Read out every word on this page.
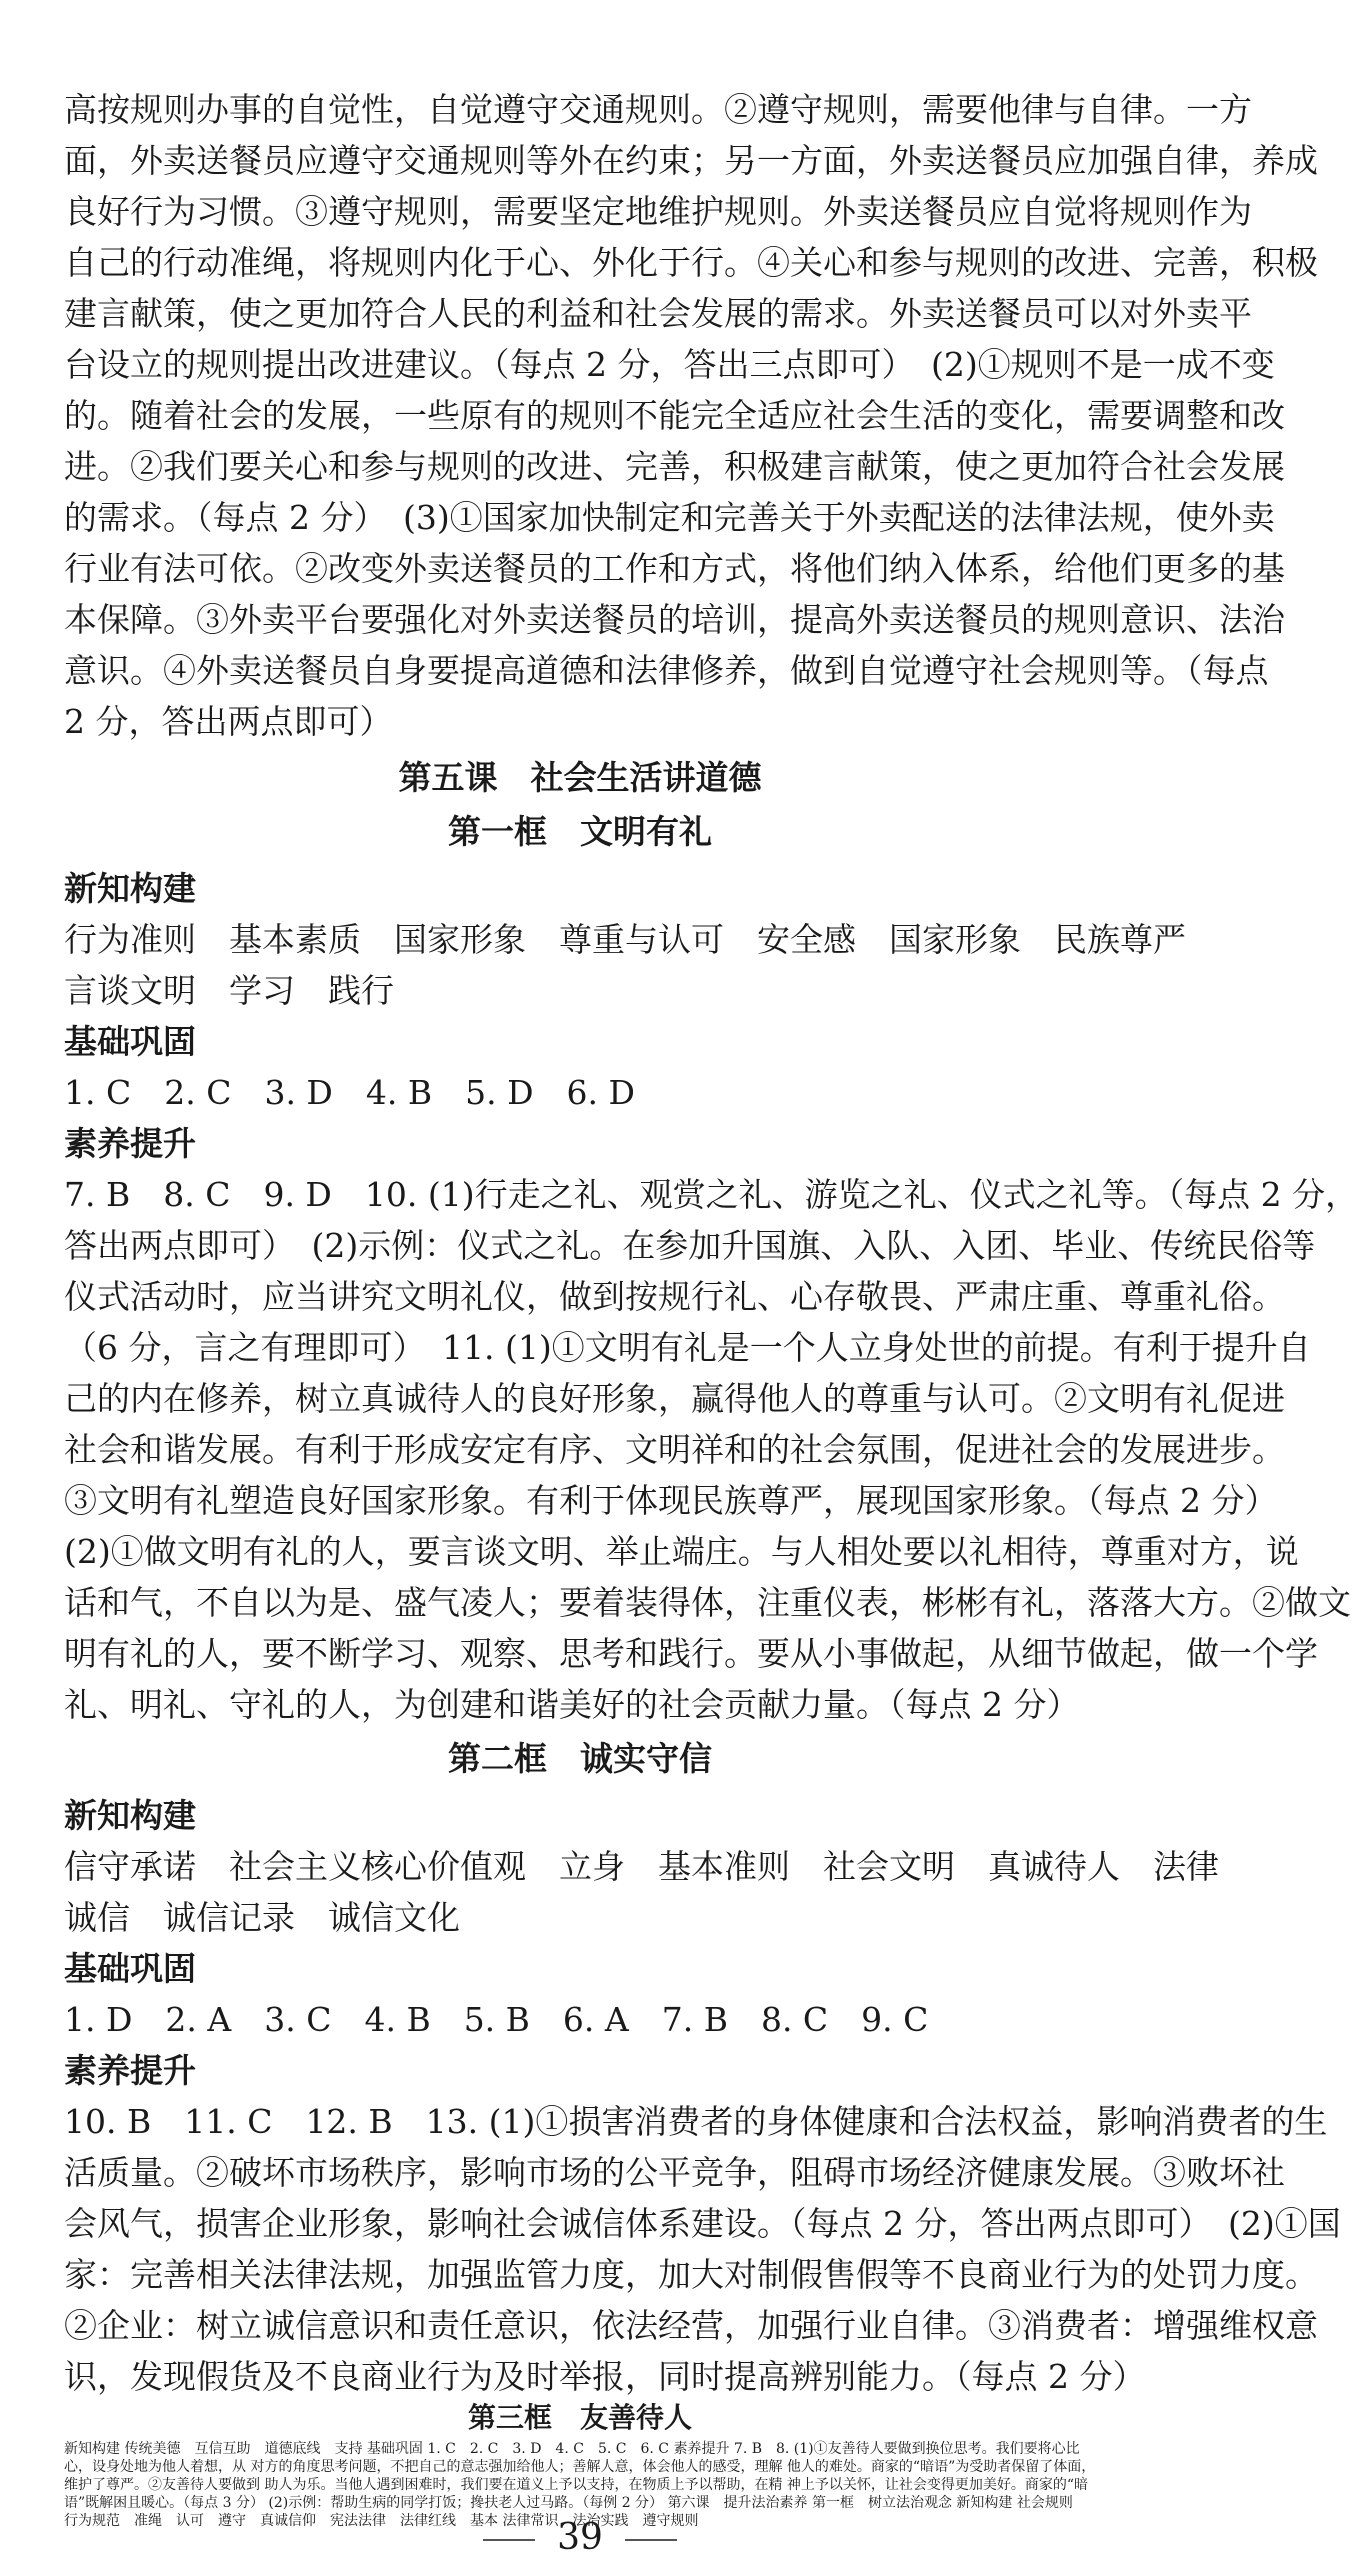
高按规则办事的自觉性，自觉遵守交通规则。②遵守规则，需要他律与自律。一方
面，外卖送餐员应遵守交通规则等外在约束；另一方面，外卖送餐员应加强自律，养成
良好行为习惯。③遵守规则，需要坚定地维护规则。外卖送餐员应自觉将规则作为
自己的行动准绳，将规则内化于心、外化于行。④关心和参与规则的改进、完善，积极
建言献策，使之更加符合人民的利益和社会发展的需求。外卖送餐员可以对外卖平
台设立的规则提出改进建议。（每点 2 分，答出三点即可）　(2)①规则不是一成不变
的。随着社会的发展，一些原有的规则不能完全适应社会生活的变化，需要调整和改
进。②我们要关心和参与规则的改进、完善，积极建言献策，使之更加符合社会发展
的需求。（每点 2 分）　(3)①国家加快制定和完善关于外卖配送的法律法规，使外卖
行业有法可依。②改变外卖送餐员的工作和方式，将他们纳入体系，给他们更多的基
本保障。③外卖平台要强化对外卖送餐员的培训，提高外卖送餐员的规则意识、法治
意识。④外卖送餐员自身要提高道德和法律修养，做到自觉遵守社会规则等。（每点
2 分，答出两点即可）
第五课　社会生活讲道德
第一框　文明有礼
新知构建
行为准则　基本素质　国家形象　尊重与认可　安全感　国家形象　民族尊严
言谈文明　学习　践行
基础巩固
1. C　2. C　3. D　4. B　5. D　6. D
素养提升
7. B　8. C　9. D　10. (1)行走之礼、观赏之礼、游览之礼、仪式之礼等。（每点 2 分，
答出两点即可）　(2)示例：仪式之礼。在参加升国旗、入队、入团、毕业、传统民俗等
仪式活动时，应当讲究文明礼仪，做到按规行礼、心存敬畏、严肃庄重、尊重礼俗。
（6 分，言之有理即可）　11. (1)①文明有礼是一个人立身处世的前提。有利于提升自
己的内在修养，树立真诚待人的良好形象，赢得他人的尊重与认可。②文明有礼促进
社会和谐发展。有利于形成安定有序、文明祥和的社会氛围，促进社会的发展进步。
③文明有礼塑造良好国家形象。有利于体现民族尊严，展现国家形象。（每点 2 分）
(2)①做文明有礼的人，要言谈文明、举止端庄。与人相处要以礼相待，尊重对方，说
话和气，不自以为是、盛气凌人；要着装得体，注重仪表，彬彬有礼，落落大方。②做文
明有礼的人，要不断学习、观察、思考和践行。要从小事做起，从细节做起，做一个学
礼、明礼、守礼的人，为创建和谐美好的社会贡献力量。（每点 2 分）
第二框　诚实守信
新知构建
信守承诺　社会主义核心价值观　立身　基本准则　社会文明　真诚待人　法律
诚信　诚信记录　诚信文化
基础巩固
1. D　2. A　3. C　4. B　5. B　6. A　7. B　8. C　9. C
素养提升
10. B　11. C　12. B　13. (1)①损害消费者的身体健康和合法权益，影响消费者的生
活质量。②破坏市场秩序，影响市场的公平竞争，阻碍市场经济健康发展。③败坏社
会风气，损害企业形象，影响社会诚信体系建设。（每点 2 分，答出两点即可）　(2)①国
家：完善相关法律法规，加强监管力度，加大对制假售假等不良商业行为的处罚力度。
②企业：树立诚信意识和责任意识，依法经营，加强行业自律。③消费者：增强维权意
识，发现假货及不良商业行为及时举报，同时提高辨别能力。（每点 2 分）
第三框　友善待人
新知构建 传统美德　互信互助　道德底线　支持 基础巩固 1. C　2. C　3. D　4. C　5. C　6. C 素养提升 7. B　8. (1)①友善待人要做到换位思考。我们要将心比心，设身处地为他人着想，从 对方的角度思考问题，不把自己的意志强加给他人；善解人意，体会他人的感受，理解 他人的难处。商家的“暗语”为受助者保留了体面，维护了尊严。②友善待人要做到 助人为乐。当他人遇到困难时，我们要在道义上予以支持，在物质上予以帮助，在精 神上予以关怀，让社会变得更加美好。商家的“暗语”既解困且暖心。（每点 3 分） (2)示例：帮助生病的同学打饭；搀扶老人过马路。（每例 2 分） 第六课　提升法治素养 第一框　树立法治观念 新知构建 社会规则　行为规范　准绳　认可　遵守　真诚信仰　宪法法律　法律红线　基本 法律常识　法治实践　遵守规则
39
